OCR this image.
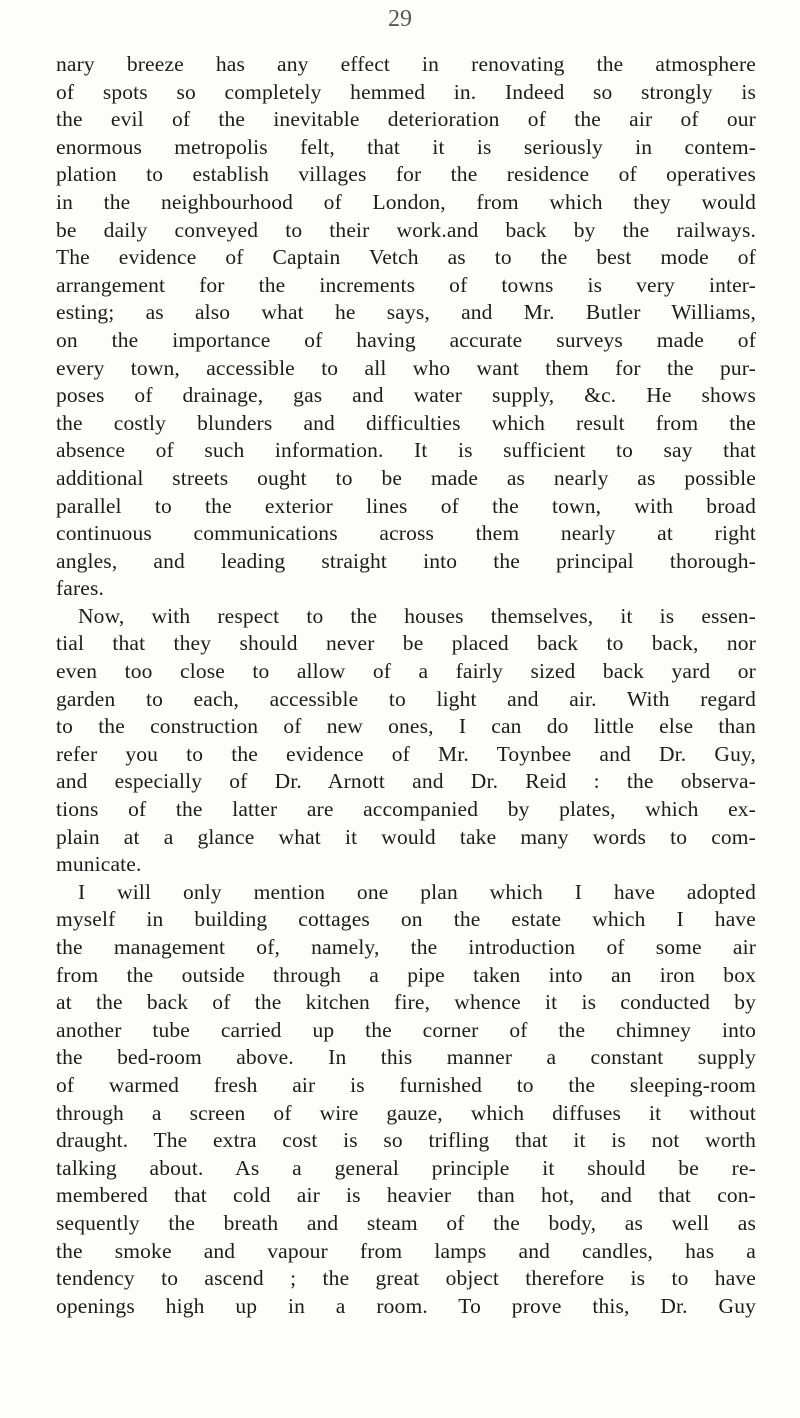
29
nary breeze has any effect in renovating the atmosphere
of spots so completely hemmed in. Indeed so strongly is
the evil of the inevitable deterioration of the air of our
enormous metropolis felt, that it is seriously in contem-
plation to establish villages for the residence of operatives
in the neighbourhood of London, from which they would
be daily conveyed to their work.and back by the railways.
The evidence of Captain Vetch as to the best mode of
arrangement for the increments of towns is very inter-
esting; as also what he says, and Mr. Butler Williams,
on the importance of having accurate surveys made of
every town, accessible to all who want them for the pur-
poses of drainage, gas and water supply, &c. He shows
the costly blunders and difficulties which result from the
absence of such information. It is sufficient to say that
additional streets ought to be made as nearly as possible
parallel to the exterior lines of the town, with broad
continuous communications across them nearly at right
angles, and leading straight into the principal thorough-
fares.
Now, with respect to the houses themselves, it is essen-
tial that they should never be placed back to back, nor
even too close to allow of a fairly sized back yard or
garden to each, accessible to light and air. With regard
to the construction of new ones, I can do little else than
refer you to the evidence of Mr. Toynbee and Dr. Guy,
and especially of Dr. Arnott and Dr. Reid : the observa-
tions of the latter are accompanied by plates, which ex-
plain at a glance what it would take many words to com-
municate.
I will only mention one plan which I have adopted
myself in building cottages on the estate which I have
the management of, namely, the introduction of some air
from the outside through a pipe taken into an iron box
at the back of the kitchen fire, whence it is conducted by
another tube carried up the corner of the chimney into
the bed-room above. In this manner a constant supply
of warmed fresh air is furnished to the sleeping-room
through a screen of wire gauze, which diffuses it without
draught. The extra cost is so trifling that it is not worth
talking about. As a general principle it should be re-
membered that cold air is heavier than hot, and that con-
sequently the breath and steam of the body, as well as
the smoke and vapour from lamps and candles, has a
tendency to ascend ; the great object therefore is to have
openings high up in a room. To prove this, Dr. Guy
